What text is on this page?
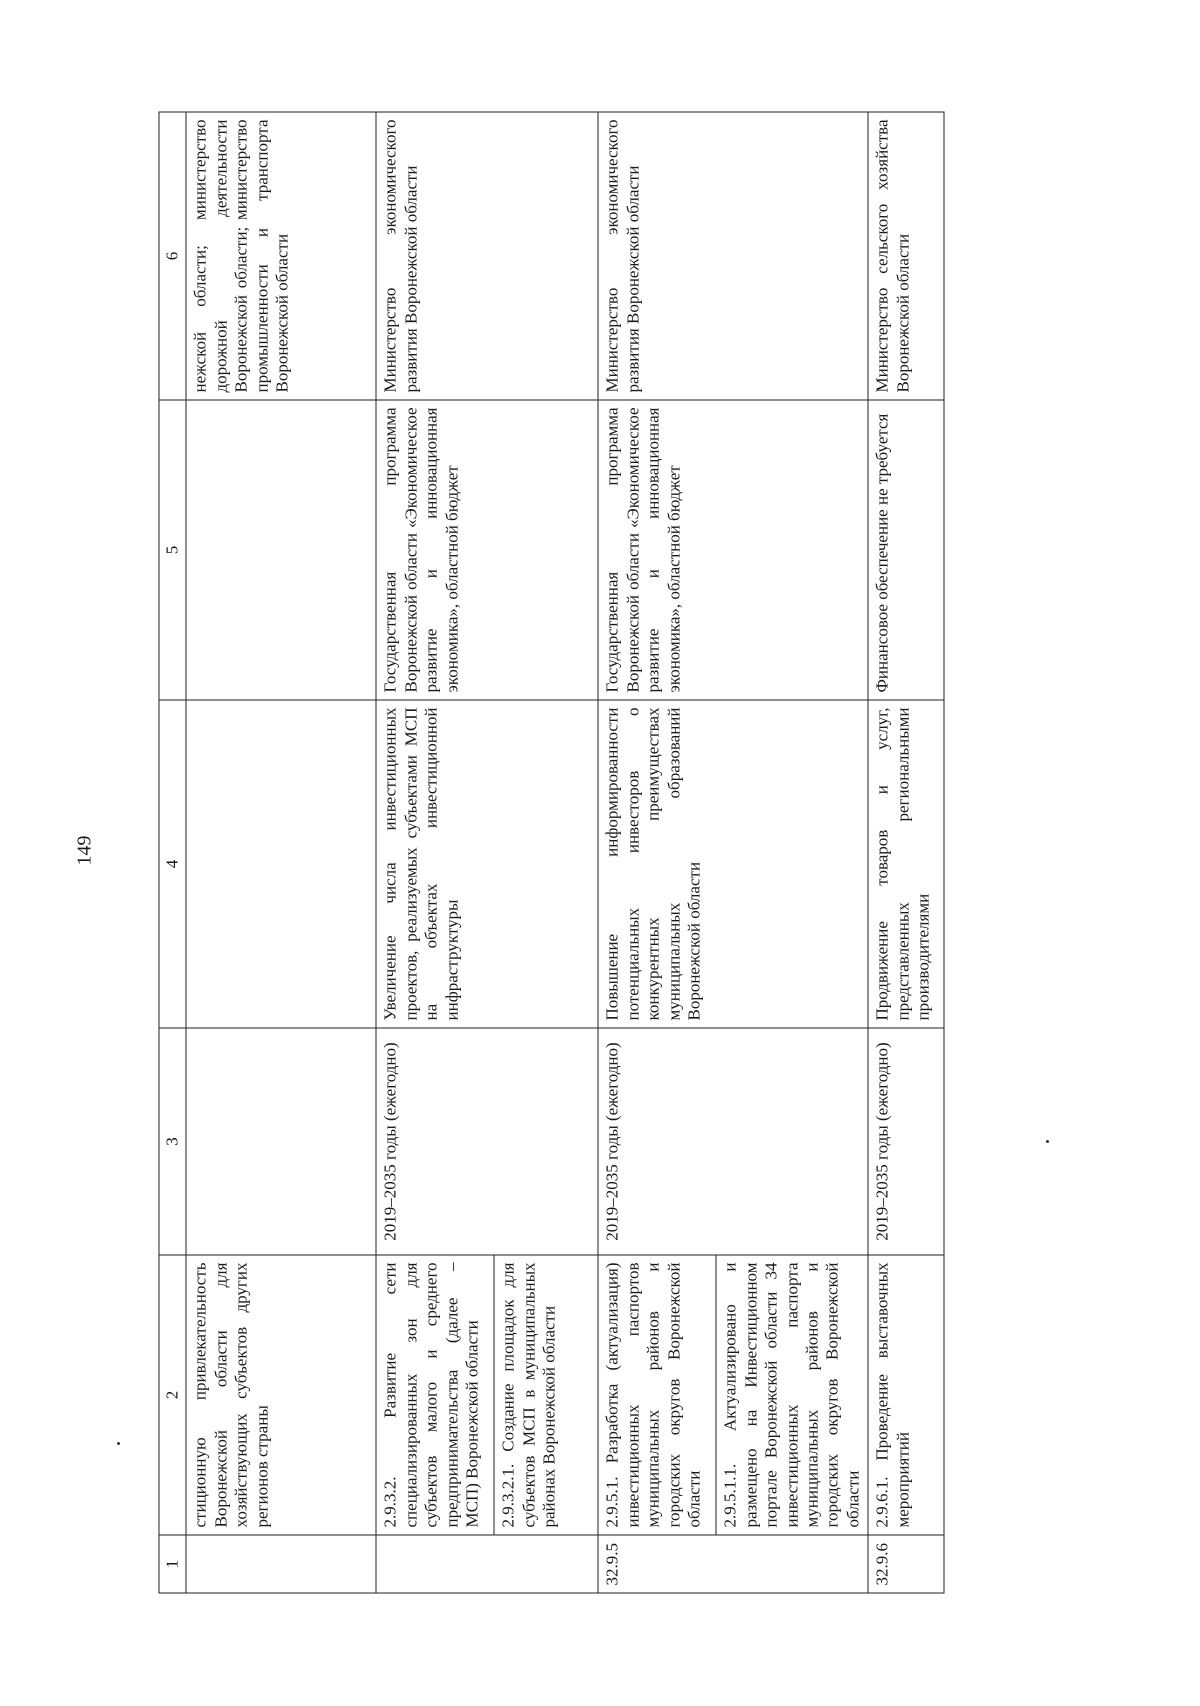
149
1	2	3	4	5	6
	стиционную привлекательность Воронежской области для хозяйствующих субъектов других регионов страны				нежской области; министерство дорожной деятельности Воронежской области; министерство промышленности и транспорта Воронежской области
	2.9.3.2. Развитие сети специализированных зон для субъектов малого и среднего предпринимательства (далее – МСП) Воронежской области	2019–2035 годы (ежегодно)	Увеличение числа инвестиционных проектов, реализуемых субъектами МСП на объектах инвестиционной инфраструктуры	Государственная программа Воронежской области «Экономическое развитие и инновационная экономика», областной бюджет	Министерство экономического развития Воронежской области
	2.9.3.2.1. Создание площадок для субъектов МСП в муниципальных районах Воронежской области				
32.9.5	2.9.5.1. Разработка (актуализация) инвестиционных паспортов муниципальных районов и городских округов Воронежской области	2019–2035 годы (ежегодно)	Повышение информированности потенциальных инвесторов о конкурентных преимуществах муниципальных образований Воронежской области	Государственная программа Воронежской области «Экономическое развитие и инновационная экономика», областной бюджет	Министерство экономического развития Воронежской области
	2.9.5.1.1. Актуализировано и размещено на Инвестиционном портале Воронежской области 34 инвестиционных паспорта муниципальных районов и городских округов Воронежской области				
32.9.6	2.9.6.1. Проведение выставочных мероприятий	2019–2035 годы (ежегодно)	Продвижение товаров и услуг, представленных региональными производителями	Финансовое обеспечение не требуется	Министерство сельского хозяйства Воронежской области
